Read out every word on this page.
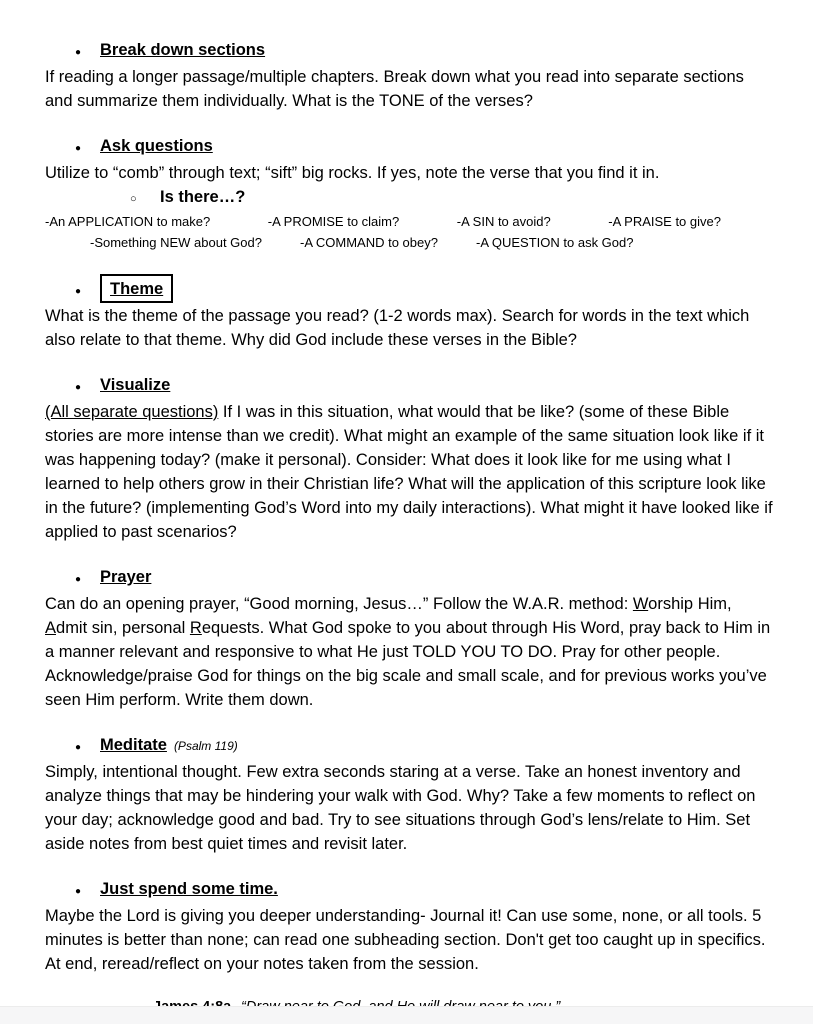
●	Break down sections

If reading a longer passage/multiple chapters. Break down what you read into separate sections and summarize them individually. What is the TONE of the verses?

●	Ask questions

Utilize to “comb” through text; “sift” big rocks. If yes, note the verse that you find it in.

○	Is there…?
-An APPLICATION to make?	-A PROMISE to claim?	-A SIN to avoid?	-A PRAISE to give?
-Something NEW about God?	-A COMMAND to obey?	-A QUESTION to ask God?
●	Theme

What is the theme of the passage you read? (1-2 words max). Search for words in the text which also relate to that theme. Why did God include these verses in the Bible?

●	Visualize

(All separate questions) If I was in this situation, what would that be like? (some of these Bible stories are more intense than we credit). What might an example of the same situation look like if it was happening today? (make it personal). Consider: What does it look like for me using what I learned to help others grow in their Christian life? What will the application of this scripture look like in the future? (implementing God’s Word into my daily interactions). What might it have looked like if applied to past scenarios?

●	Prayer

Can do an opening prayer, “Good morning, Jesus…” Follow the W.A.R. method: Worship Him, Admit sin, personal Requests. What God spoke to you about through His Word, pray back to Him in a manner relevant and responsive to what He just TOLD YOU TO DO. Pray for other people. Acknowledge/praise God for things on the big scale and small scale, and for previous works you’ve seen Him perform. Write them down.

●	Meditate (Psalm 119)

Simply, intentional thought. Few extra seconds staring at a verse. Take an honest inventory and analyze things that may be hindering your walk with God. Why? Take a few moments to reflect on your day; acknowledge good and bad. Try to see situations through God’s lens/relate to Him. Set aside notes from best quiet times and revisit later.

●	Just spend some time.

Maybe the Lord is giving you deeper understanding- Journal it! Can use some, none, or all tools. 5 minutes is better than none; can read one subheading section. Don't get too caught up in specifics. At end, reread/reflect on your notes taken from the session.
